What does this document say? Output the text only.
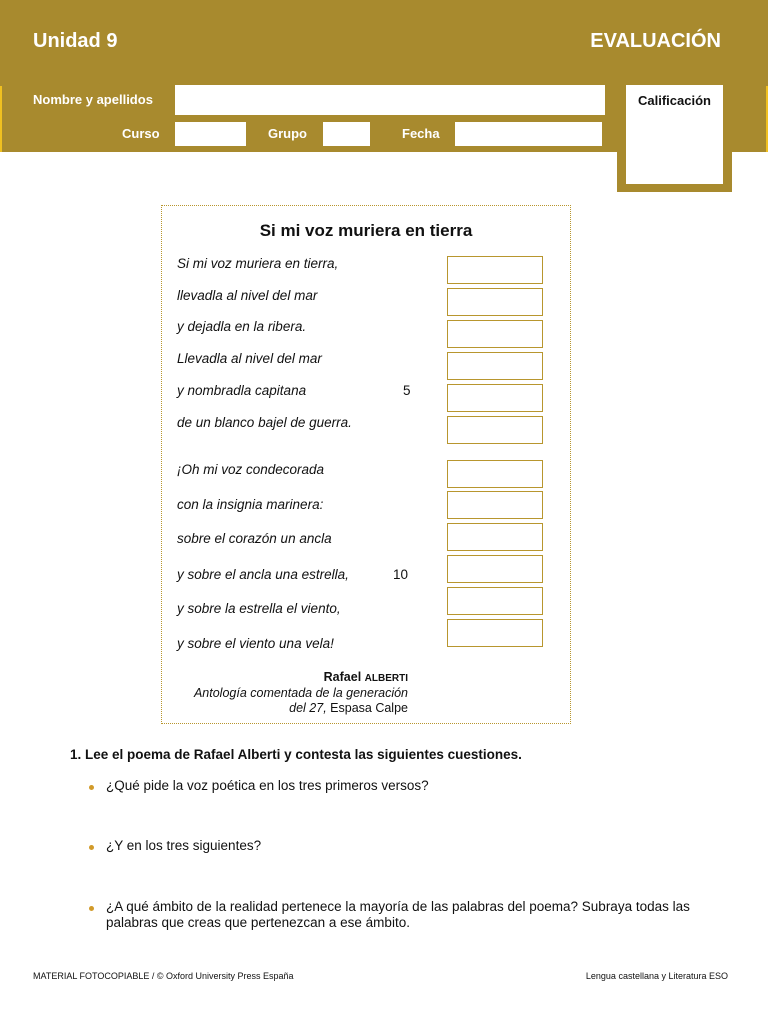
Unidad 9	EVALUACIÓN
Nombre y apellidos
Curso	Grupo	Fecha
Calificación
Si mi voz muriera en tierra
Si mi voz muriera en tierra,
llevadla al nivel del mar
y dejadla en la ribera.
Llevadla al nivel del mar
y nombradla capitana	5
de un blanco bajel de guerra.
¡Oh mi voz condecorada
con la insignia marinera:
sobre el corazón un ancla
y sobre el ancla una estrella,	10
y sobre la estrella el viento,
y sobre el viento una vela!
Rafael ALBERTI
Antología comentada de la generación
del 27, Espasa Calpe
1. Lee el poema de Rafael Alberti y contesta las siguientes cuestiones.
¿Qué pide la voz poética en los tres primeros versos?
¿Y en los tres siguientes?
¿A qué ámbito de la realidad pertenece la mayoría de las palabras del poema? Subraya todas las palabras que creas que pertenezcan a ese ámbito.
MATERIAL FOTOCOPIABLE / © Oxford University Press España	Lengua castellana y Literatura ESO
